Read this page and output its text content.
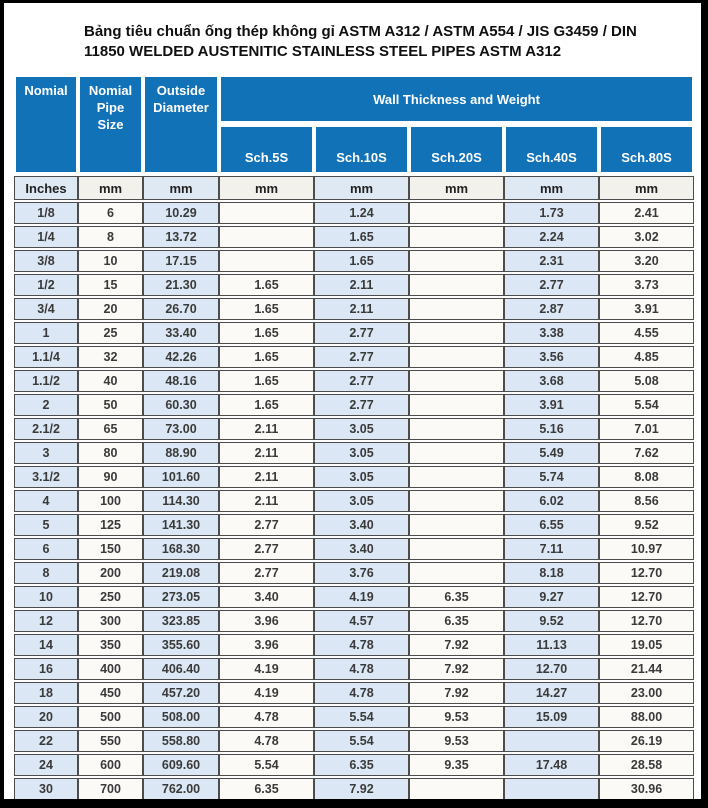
Bảng tiêu chuẩn ống thép không gỉ ASTM A312 / ASTM A554 / JIS G3459 / DIN
11850 WELDED AUSTENITIC STAINLESS STEEL PIPES ASTM A312
Nomial	Nomial Pipe Size	Outside Diameter	Wall Thickness and Weight				
			Sch.5S	Sch.10S	Sch.20S	Sch.40S	Sch.80S
Inches	mm	mm	mm	mm	mm	mm	mm
1/8	6	10.29		1.24		1.73	2.41
1/4	8	13.72		1.65		2.24	3.02
3/8	10	17.15		1.65		2.31	3.20
1/2	15	21.30	1.65	2.11		2.77	3.73
3/4	20	26.70	1.65	2.11		2.87	3.91
1	25	33.40	1.65	2.77		3.38	4.55
1.1/4	32	42.26	1.65	2.77		3.56	4.85
1.1/2	40	48.16	1.65	2.77		3.68	5.08
2	50	60.30	1.65	2.77		3.91	5.54
2.1/2	65	73.00	2.11	3.05		5.16	7.01
3	80	88.90	2.11	3.05		5.49	7.62
3.1/2	90	101.60	2.11	3.05		5.74	8.08
4	100	114.30	2.11	3.05		6.02	8.56
5	125	141.30	2.77	3.40		6.55	9.52
6	150	168.30	2.77	3.40		7.11	10.97
8	200	219.08	2.77	3.76		8.18	12.70
10	250	273.05	3.40	4.19	6.35	9.27	12.70
12	300	323.85	3.96	4.57	6.35	9.52	12.70
14	350	355.60	3.96	4.78	7.92	11.13	19.05
16	400	406.40	4.19	4.78	7.92	12.70	21.44
18	450	457.20	4.19	4.78	7.92	14.27	23.00
20	500	508.00	4.78	5.54	9.53	15.09	88.00
22	550	558.80	4.78	5.54	9.53		26.19
24	600	609.60	5.54	6.35	9.35	17.48	28.58
30	700	762.00	6.35	7.92			30.96
